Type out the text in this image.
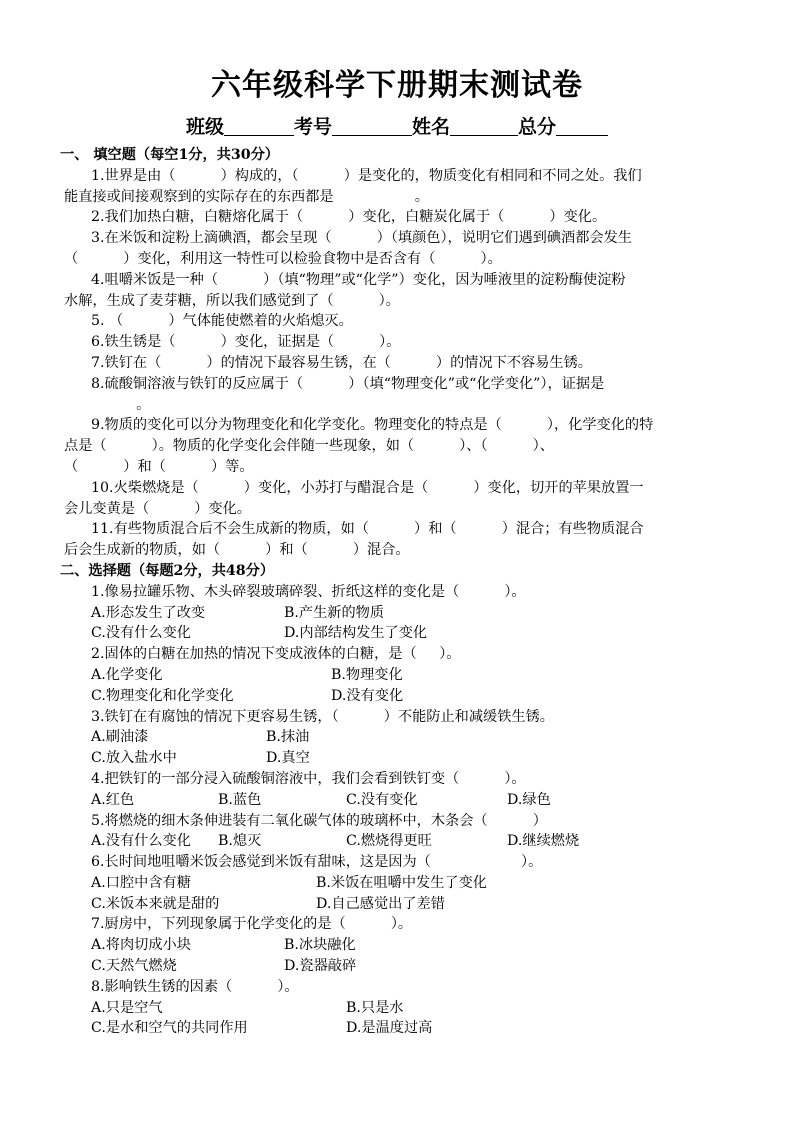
六年级科学下册期末测试卷
班级	考号	姓名	总分

一、 填空题（每空1分，共30分）

1.世界是由（          ）构成的，（          ）是变化的，物质变化有相同和不同之处。我们

能直接或间接观察到的实际存在的东西都是                  。

2.我们加热白糖，白糖熔化属于（          ）变化，白糖炭化属于（          ）变化。

3.在米饭和淀粉上滴碘酒，都会呈现（          ）（填颜色），说明它们遇到碘酒都会发生

（          ）变化，利用这一特性可以检验食物中是否含有（          ）。

4.咀嚼米饭是一种（          ）（填“物理”或“化学”）变化，因为唾液里的淀粉酶使淀粉

水解，生成了麦芽糖，所以我们感觉到了（          ）。

5. （          ）气体能使燃着的火焰熄灭。

6.铁生锈是（          ）变化，证据是（          ）。

7.铁钉在（          ）的情况下最容易生锈，在（          ）的情况下不容易生锈。

8.硫酸铜溶液与铁钉的反应属于（          ）（填“物理变化”或“化学变化”），证据是

。

9.物质的变化可以分为物理变化和化学变化。物理变化的特点是（          ），化学变化的特

点是（          ）。物质的化学变化会伴随一些现象，如（          ）、（          ）、

（          ）和（          ）等。

10.火柴燃烧是（          ）变化，小苏打与醋混合是（          ）变化，切开的苹果放置一

会儿变黄是（          ）变化。

11.有些物质混合后不会生成新的物质，如（          ）和（          ）混合；有些物质混合

后会生成新的物质，如（          ）和（          ）混合。

二、选择题（每题2分，共48分）

1.像易拉罐乐物、木头碎裂玻璃碎裂、折纸这样的变化是（          ）。

A.形态发生了改变	B.产生新的物质

C.没有什么变化	D.内部结构发生了变化

2.固体的白糖在加热的情况下变成液体的白糖，是（     ）。

A.化学变化	B.物理变化

C.物理变化和化学变化	D.没有变化

3.铁钉在有腐蚀的情况下更容易生锈，（          ）不能防止和减缓铁生锈。

A.刷油漆	B.抹油

C.放入盐水中	D.真空

4.把铁钉的一部分浸入硫酸铜溶液中，我们会看到铁钉变（          ）。

A.红色	B.蓝色	C.没有变化	D.绿色

5.将燃烧的细木条伸进装有二氧化碳气体的玻璃杯中，木条会（          ）

A.没有什么变化	B.熄灭	C.燃烧得更旺	D.继续燃烧

6.长时间地咀嚼米饭会感觉到米饭有甜味，这是因为（                    ）。

A.口腔中含有糖	B.米饭在咀嚼中发生了变化

C.米饭本来就是甜的	D.自己感觉出了差错

7.厨房中，下列现象属于化学变化的是（          ）。

A.将肉切成小块	B.冰块融化

C.天然气燃烧	D.瓷器敲碎

8.影响铁生锈的因素（          ）。

A.只是空气	B.只是水

C.是水和空气的共同作用	D.是温度过高
